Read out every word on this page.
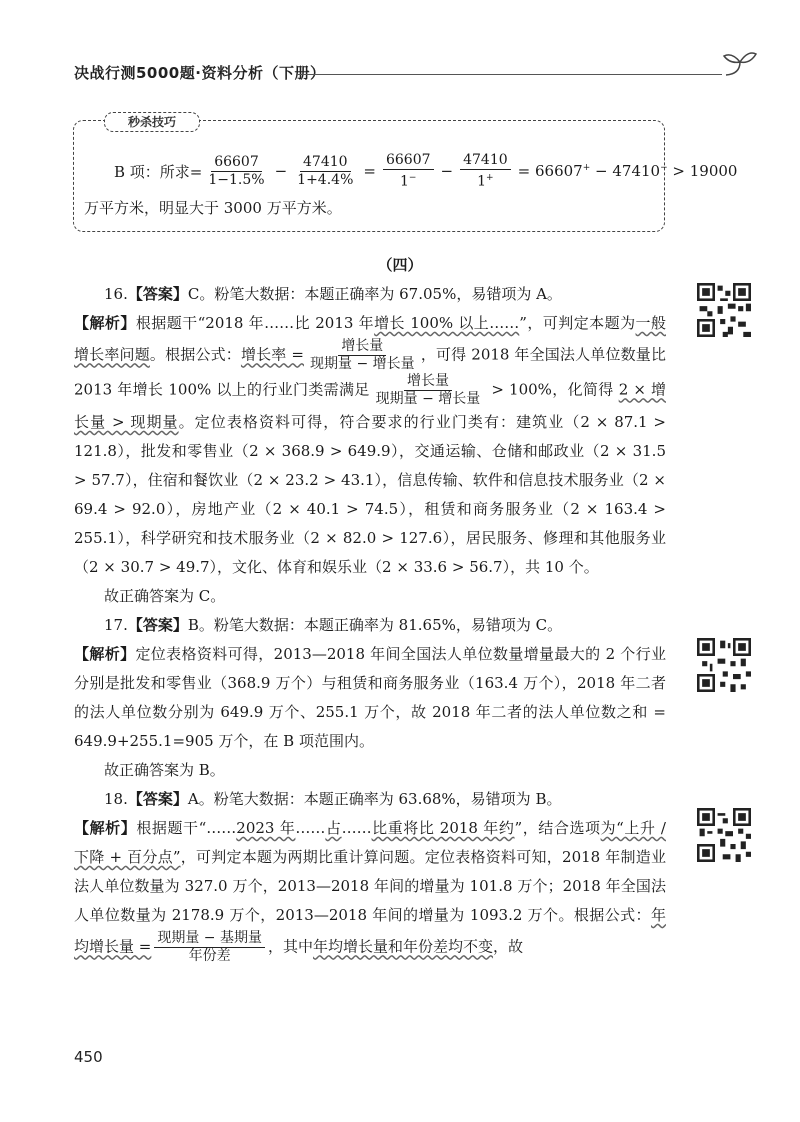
决战行测5000题·资料分析（下册）
秒杀技巧
B 项：所求= $\frac{66607}{1-1.5\%} - \frac{47410}{1+4.4\%} = \frac{66607}{1^-} - \frac{47410}{1^+} = 66607^+ - 47410^- > 19000$
万平方米，明显大于 3000 万平方米。
（四）

16.【答案】C。粉笔大数据：本题正确率为 67.05%，易错项为 A。

【解析】根据题干“2018 年……比 2013 年增长 100% 以上……”，可判定本题为一般增长率问题。根据公式：增长率 = $\frac{\text{增长量}}{\text{现期量 − 增长量}}$ ，可得 2018 年全国法人单位数量比 2013 年增长 100% 以上的行业门类需满足 $\frac{\text{增长量}}{\text{现期量 − 增长量}} > 100\%$，化简得 2 × 增长量 > 现期量。定位表格资料可得，符合要求的行业门类有：建筑业（2 × 87.1 > 121.8），批发和零售业（2 × 368.9 > 649.9），交通运输、仓储和邮政业（2 × 31.5 > 57.7），住宿和餐饮业（2 × 23.2 > 43.1），信息传输、软件和信息技术服务业（2 × 69.4 > 92.0），房地产业（2 × 40.1 > 74.5），租赁和商务服务业（2 × 163.4 > 255.1），科学研究和技术服务业（2 × 82.0 > 127.6），居民服务、修理和其他服务业（2 × 30.7 > 49.7），文化、体育和娱乐业（2 × 33.6 > 56.7），共 10 个。

故正确答案为 C。

17.【答案】B。粉笔大数据：本题正确率为 81.65%，易错项为 C。

【解析】定位表格资料可得，2013—2018 年间全国法人单位数量增量最大的 2 个行业分别是批发和零售业（368.9 万个）与租赁和商务服务业（163.4 万个），2018 年二者的法人单位数分别为 649.9 万个、255.1 万个，故 2018 年二者的法人单位数之和 = 649.9+255.1=905 万个，在 B 项范围内。

故正确答案为 B。

18.【答案】A。粉笔大数据：本题正确率为 63.68%，易错项为 B。

【解析】根据题干“……2023 年……占……比重将比 2018 年约”，结合选项为“上升 / 下降 + 百分点”，可判定本题为两期比重计算问题。定位表格资料可知，2018 年制造业法人单位数量为 327.0 万个，2013—2018 年间的增量为 101.8 万个；2018 年全国法人单位数量为 2178.9 万个，2013—2018 年间的增量为 1093.2 万个。根据公式：年均增长量 = $\frac{\text{现期量 − 基期量}}{\text{年份差}}$ ，其中年均增长量和年份差均不变，故

450
